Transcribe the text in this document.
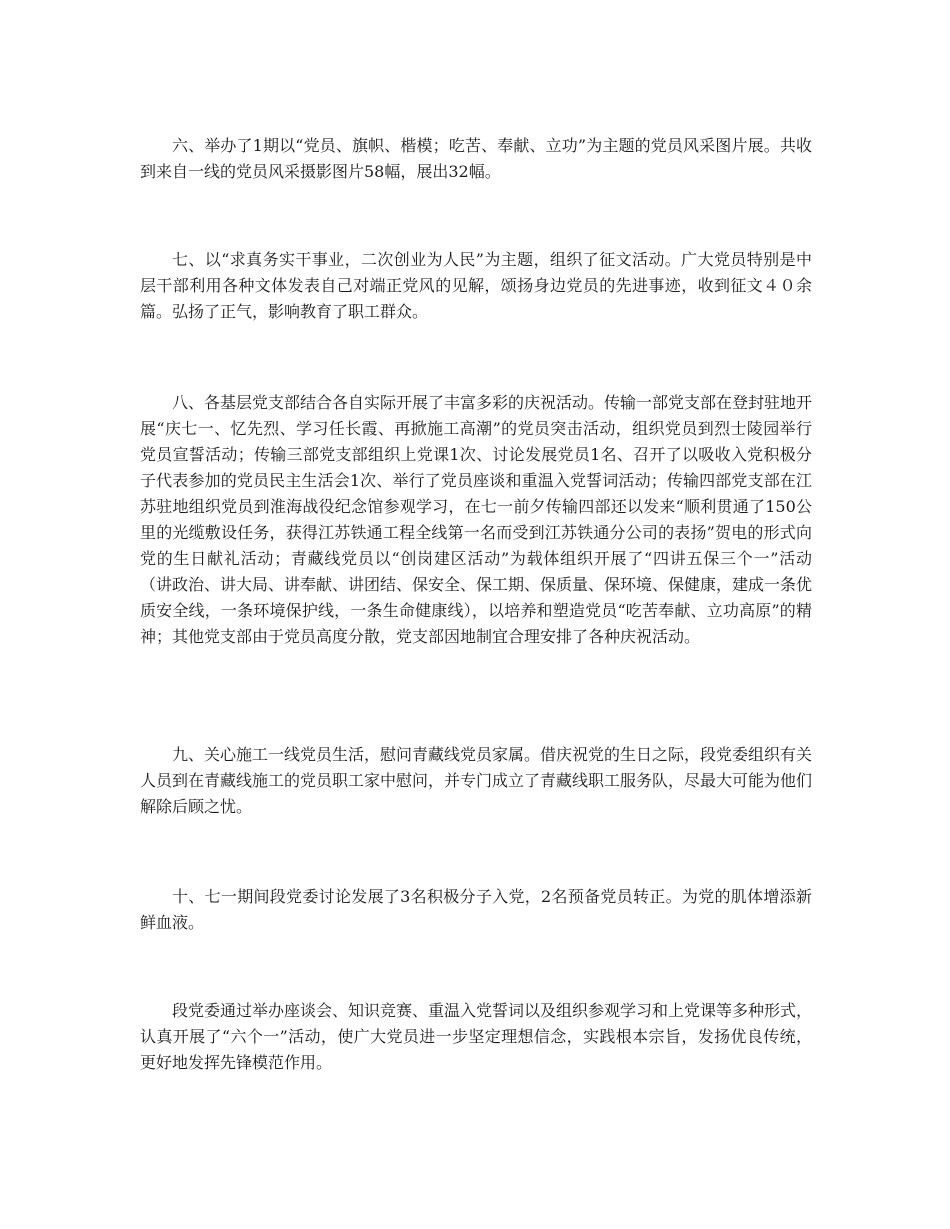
六、举办了1期以“党员、旗帜、楷模；吃苦、奉献、立功”为主题的党员风采图片展。共收到来自一线的党员风采摄影图片58幅，展出32幅。

七、以“求真务实干事业，二次创业为人民”为主题，组织了征文活动。广大党员特别是中层干部利用各种文体发表自己对端正党风的见解，颂扬身边党员的先进事迹，收到征文４０余篇。弘扬了正气，影响教育了职工群众。

八、各基层党支部结合各自实际开展了丰富多彩的庆祝活动。传输一部党支部在登封驻地开展“庆七一、忆先烈、学习任长霞、再掀施工高潮”的党员突击活动，组织党员到烈士陵园举行党员宣誓活动；传输三部党支部组织上党课1次、讨论发展党员1名、召开了以吸收入党积极分子代表参加的党员民主生活会1次、举行了党员座谈和重温入党誓词活动；传输四部党支部在江苏驻地组织党员到淮海战役纪念馆参观学习，在七一前夕传输四部还以发来“顺利贯通了150公里的光缆敷设任务，获得江苏铁通工程全线第一名而受到江苏铁通分公司的表扬”贺电的形式向党的生日献礼活动；青藏线党员以“创岗建区活动”为载体组织开展了“四讲五保三个一”活动（讲政治、讲大局、讲奉献、讲团结、保安全、保工期、保质量、保环境、保健康，建成一条优质安全线，一条环境保护线，一条生命健康线），以培养和塑造党员“吃苦奉献、立功高原”的精神；其他党支部由于党员高度分散，党支部因地制宜合理安排了各种庆祝活动。

九、关心施工一线党员生活，慰问青藏线党员家属。借庆祝党的生日之际，段党委组织有关人员到在青藏线施工的党员职工家中慰问，并专门成立了青藏线职工服务队，尽最大可能为他们解除后顾之忧。

十、七一期间段党委讨论发展了3名积极分子入党，2名预备党员转正。为党的肌体增添新鲜血液。

段党委通过举办座谈会、知识竞赛、重温入党誓词以及组织参观学习和上党课等多种形式，认真开展了“六个一”活动，使广大党员进一步坚定理想信念，实践根本宗旨，发扬优良传统，更好地发挥先锋模范作用。
